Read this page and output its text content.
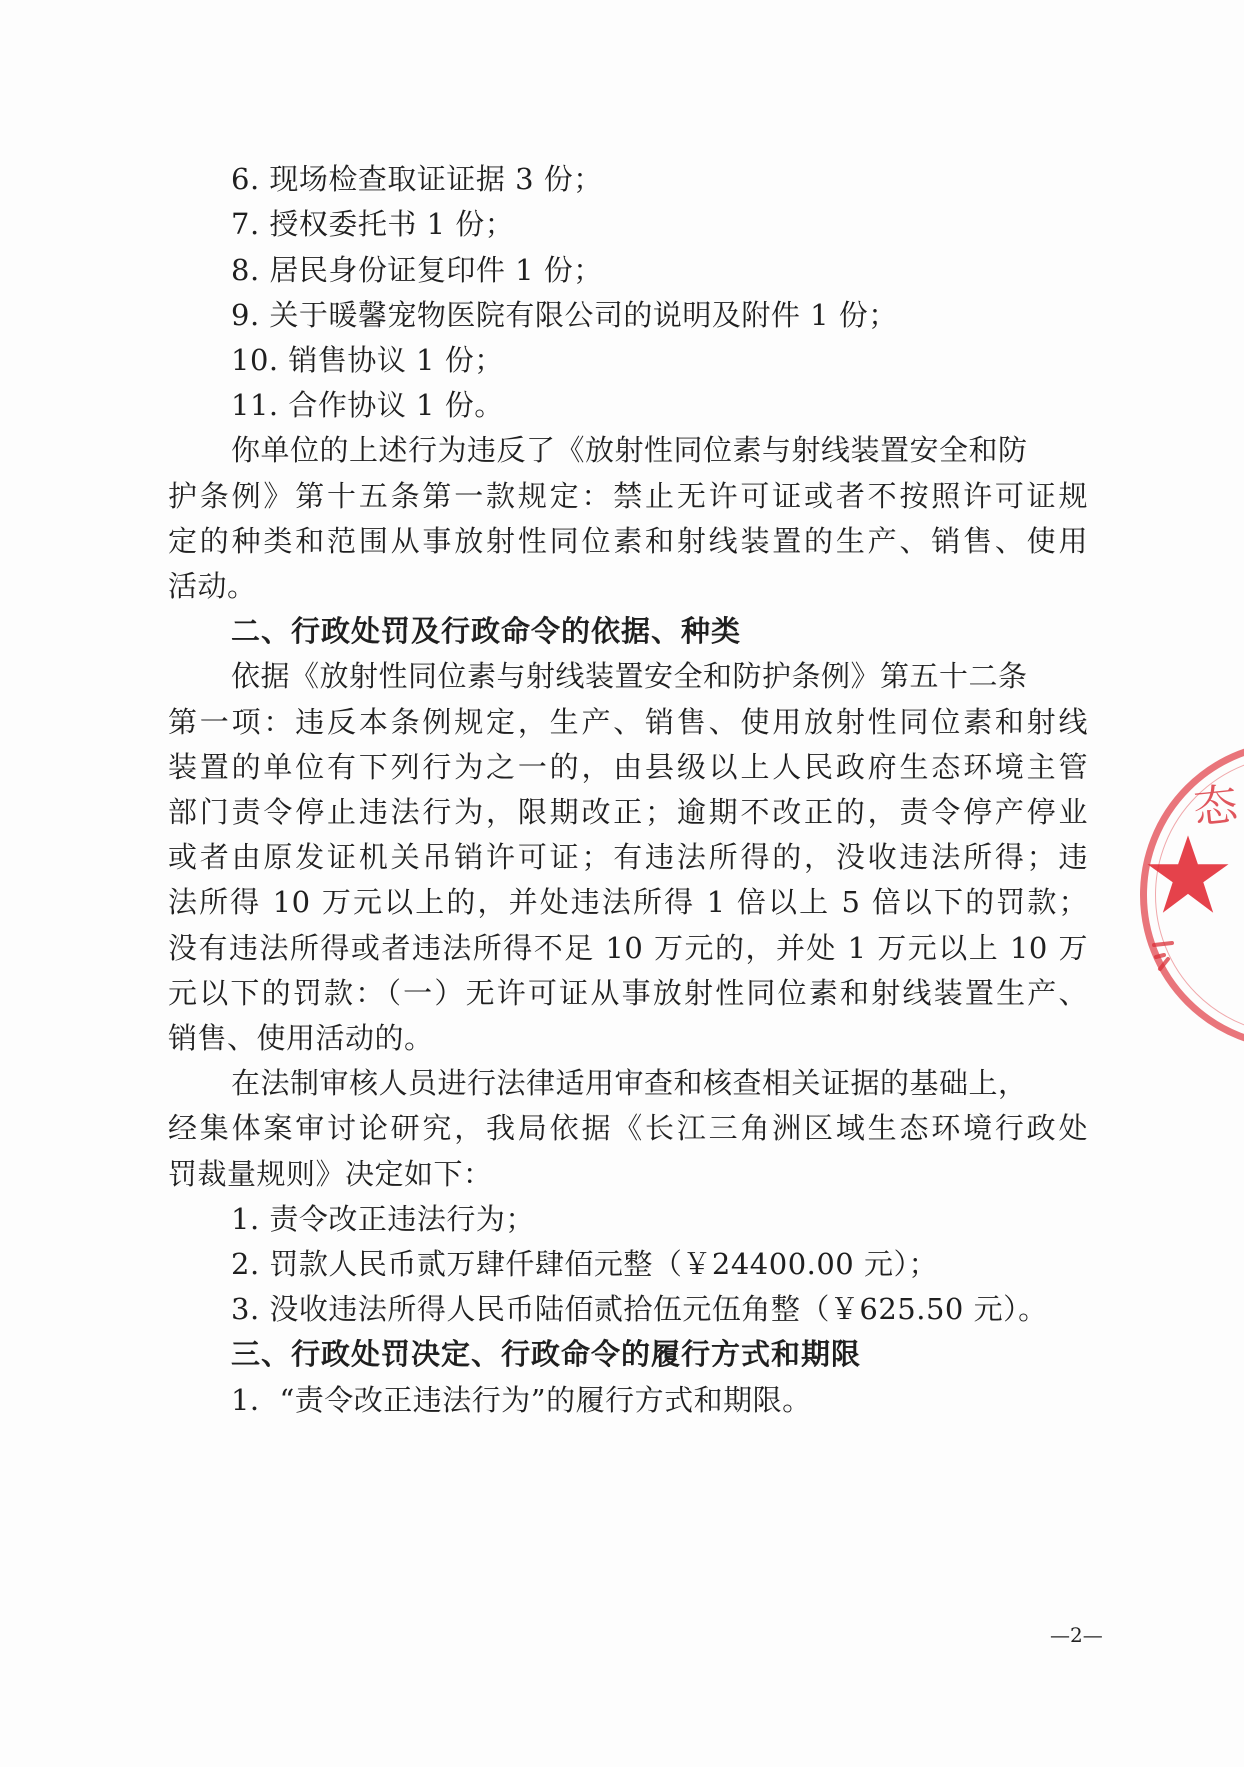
6. 现场检查取证证据 3 份；
7. 授权委托书 1 份；
8. 居民身份证复印件 1 份；
9. 关于暖馨宠物医院有限公司的说明及附件 1 份；
10. 销售协议 1 份；
11. 合作协议 1 份。
你单位的上述行为违反了《放射性同位素与射线装置安全和防
护条例》第十五条第一款规定：禁止无许可证或者不按照许可证规
定的种类和范围从事放射性同位素和射线装置的生产、销售、使用
活动。
二、行政处罚及行政命令的依据、种类
依据《放射性同位素与射线装置安全和防护条例》第五十二条
第一项：违反本条例规定，生产、销售、使用放射性同位素和射线
装置的单位有下列行为之一的，由县级以上人民政府生态环境主管
部门责令停止违法行为，限期改正；逾期不改正的，责令停产停业
或者由原发证机关吊销许可证；有违法所得的，没收违法所得；违
法所得 10 万元以上的，并处违法所得 1 倍以上 5 倍以下的罚款；
没有违法所得或者违法所得不足 10 万元的，并处 1 万元以上 10 万
元以下的罚款：（一）无许可证从事放射性同位素和射线装置生产、
销售、使用活动的。
在法制审核人员进行法律适用审查和核查相关证据的基础上，
经集体案审讨论研究，我局依据《长江三角洲区域生态环境行政处
罚裁量规则》决定如下：
1. 责令改正违法行为；
2. 罚款人民币贰万肆仟肆佰元整（￥24400.00 元）；
3. 没收违法所得人民币陆佰贰拾伍元伍角整（￥625.50 元）。
三、行政处罚决定、行政命令的履行方式和期限
1．“责令改正违法行为”的履行方式和期限。
—2—
态
